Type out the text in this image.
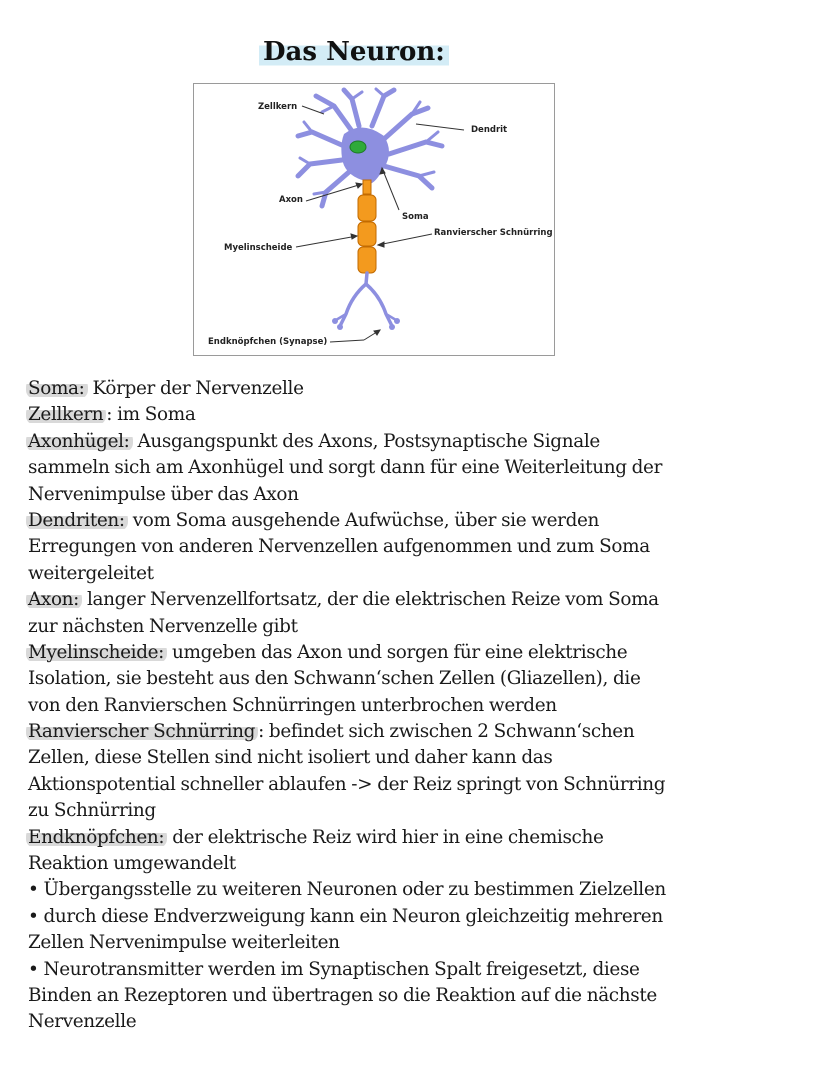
Das Neuron:
Zellkern
Dendrit
Axon
Soma
Ranvierscher Schnürring
Myelinscheide
Endknöpfchen (Synapse)
Soma: Körper der Nervenzelle
Zellkern : im Soma
Axonhügel: Ausgangspunkt des Axons, Postsynaptische Signale
sammeln sich am Axonhügel und sorgt dann für eine Weiterleitung der
Nervenimpulse über das Axon
Dendriten: vom Soma ausgehende Aufwüchse, über sie werden
Erregungen von anderen Nervenzellen aufgenommen und zum Soma
weitergeleitet
Axon: langer Nervenzellfortsatz, der die elektrischen Reize vom Soma
zur nächsten Nervenzelle gibt
Myelinscheide: umgeben das Axon und sorgen für eine elektrische
Isolation, sie besteht aus den Schwann‘schen Zellen (Gliazellen), die
von den Ranvierschen Schnürringen unterbrochen werden
Ranvierscher Schnürring : befindet sich zwischen 2 Schwann‘schen
Zellen, diese Stellen sind nicht isoliert und daher kann das
Aktionspotential schneller ablaufen -> der Reiz springt von Schnürring
zu Schnürring
Endknöpfchen: der elektrische Reiz wird hier in eine chemische
Reaktion umgewandelt
• Übergangsstelle zu weiteren Neuronen oder zu bestimmen Zielzellen
• durch diese Endverzweigung kann ein Neuron gleichzeitig mehreren
Zellen Nervenimpulse weiterleiten
• Neurotransmitter werden im Synaptischen Spalt freigesetzt, diese
Binden an Rezeptoren und übertragen so die Reaktion auf die nächste
Nervenzelle
